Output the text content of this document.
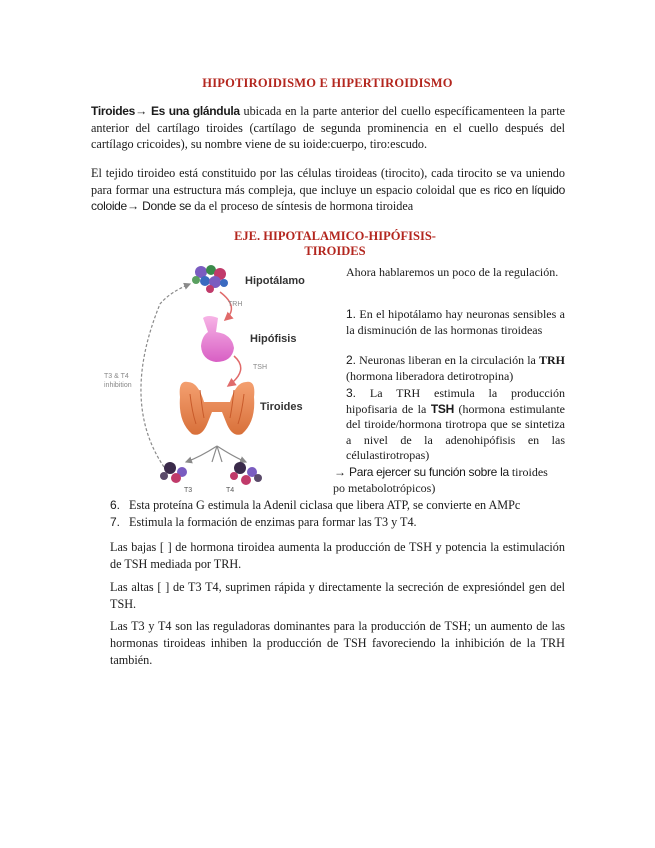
HIPOTIROIDISMO E HIPERTIROIDISMO

Tiroides→ Es una glándula ubicada en la parte anterior del cuello específicamenteen la parte anterior del cartílago tiroides (cartílago de segunda prominencia en el cuello después del cartílago cricoides), su nombre viene de su ioide:cuerpo, tiro:escudo.

El tejido tiroideo está constituido por las células tiroideas (tirocito), cada tirocito se va uniendo para formar una estructura más compleja, que incluye un espacio coloidal que es rico en líquido coloide→ Donde se da el proceso de síntesis de hormona tiroidea

EJE. HIPOTALAMICO-HIPÓFISIS-
TIROIDES
Hipotálamo
TRH
Hipófisis
TSH
Tiroides
T3 & T4
inhibition
T3	T4

Ahora hablaremos un poco de la regulación.

1. En el hipotálamo hay neuronas sensibles a la disminución de las hormonas tiroideas

2. Neuronas liberan en la circulación la TRH (hormona liberadora detirotropina)

3. La TRH estimula la producción hipofisaria de la TSH (hormona estimulante del tiroide/hormona tirotropa que se sintetiza a nivel de la adenohipófisis en las célulastirotropas)

→ Para ejercer su función sobre la tiroides
po metabolotrópicos)
6. Esta proteína G estimula la Adenil ciclasa que libera ATP, se convierte en AMPc
7. Estimula la formación de enzimas para formar las T3 y T4.

Las bajas [ ] de hormona tiroidea aumenta la producción de TSH y potencia la estimulación de TSH mediada por TRH.

Las altas [ ] de T3 T4, suprimen rápida y directamente la secreción de expresióndel gen del TSH.

Las T3 y T4 son las reguladoras dominantes para la producción de TSH; un aumento de las hormonas tiroideas inhiben la producción de TSH favoreciendo la inhibición de la TRH también.
